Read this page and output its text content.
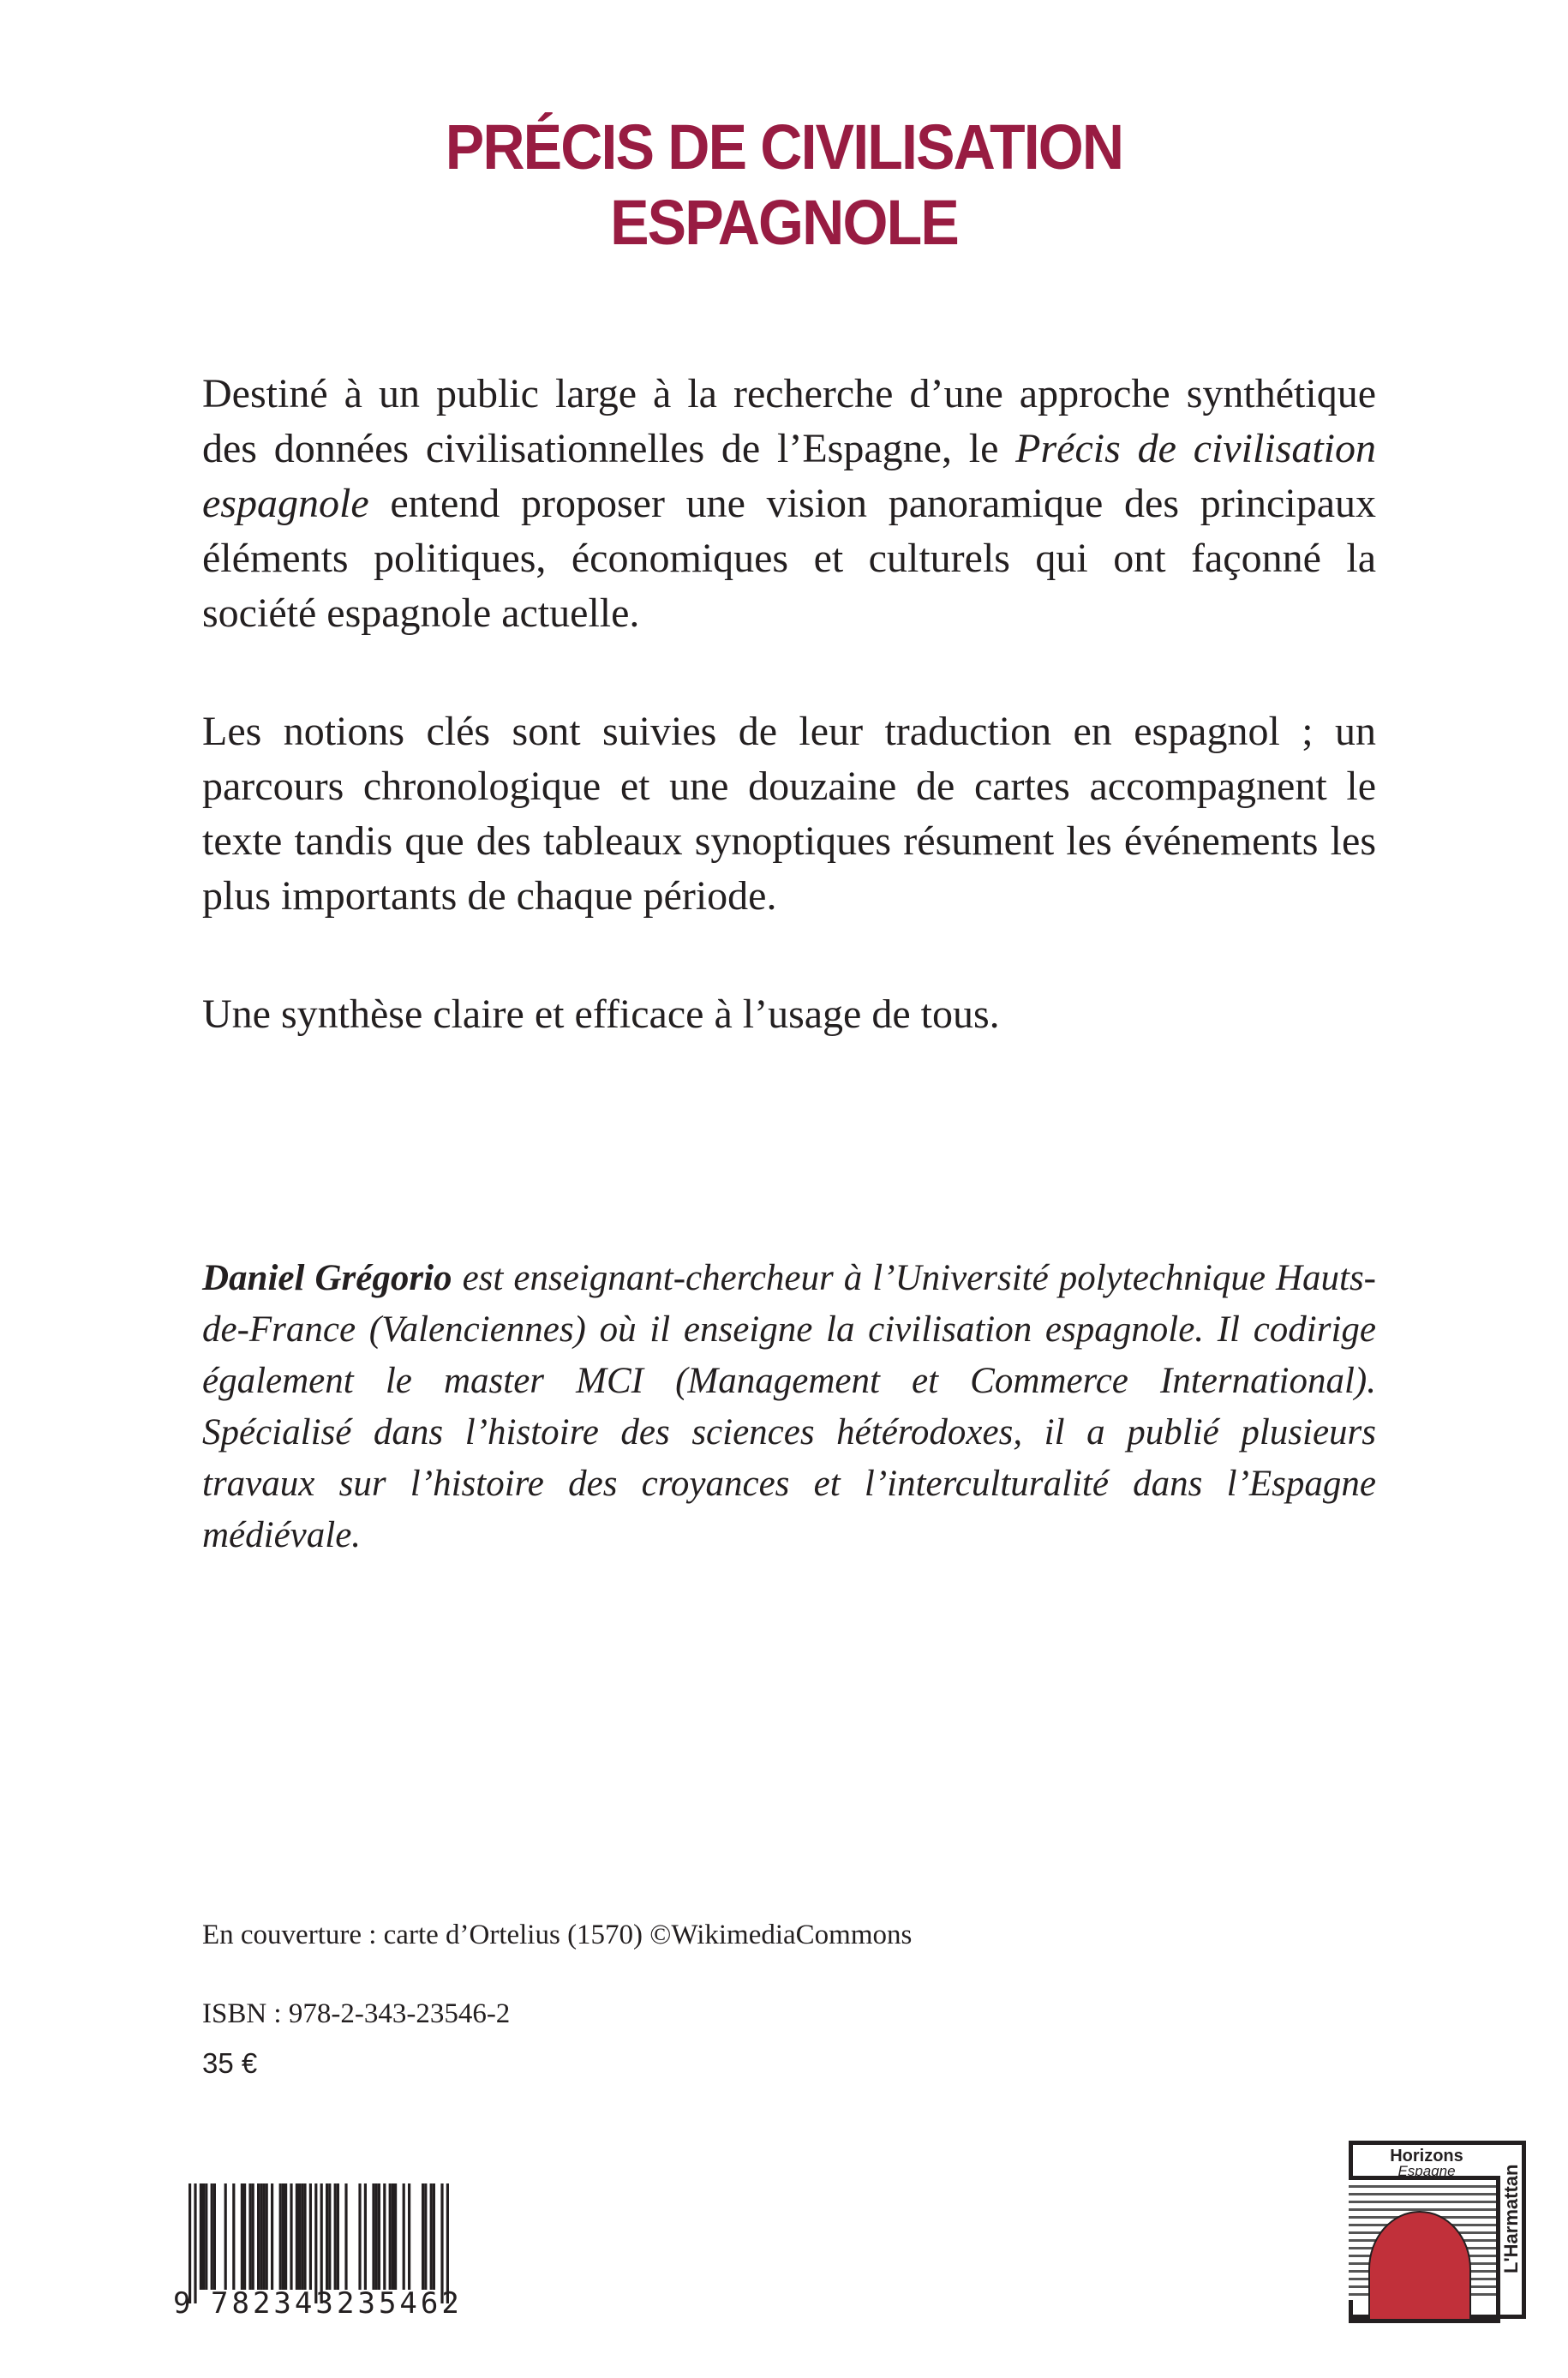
PRÉCIS DE CIVILISATION
ESPAGNOLE
Destiné à un public large à la recherche d’une approche synthétique des données civilisationnelles de l’Espagne, le Précis de civilisation espagnole entend proposer une vision panoramique des principaux éléments politiques, économiques et culturels qui ont façonné la société espagnole actuelle.
Les notions clés sont suivies de leur traduction en espagnol ; un parcours chronologique et une douzaine de cartes accompagnent le texte tandis que des tableaux synoptiques résument les événements les plus importants de chaque période.
Une synthèse claire et efficace à l’usage de tous.
Daniel Grégorio est enseignant-chercheur à l’Université polytechnique Hauts-de-France (Valenciennes) où il enseigne la civilisation espagnole. Il codirige également le master MCI (Management et Commerce International). Spécialisé dans l’histoire des sciences hétérodoxes, il a publié plusieurs travaux sur l’histoire des croyances et l’interculturalité dans l’Espagne médiévale.
En couverture : carte d’Ortelius (1570) ©WikimediaCommons
ISBN : 978-2-343-23546-2
35 €
9 782343 235462
Horizons
Espagne	L'Harmattan
